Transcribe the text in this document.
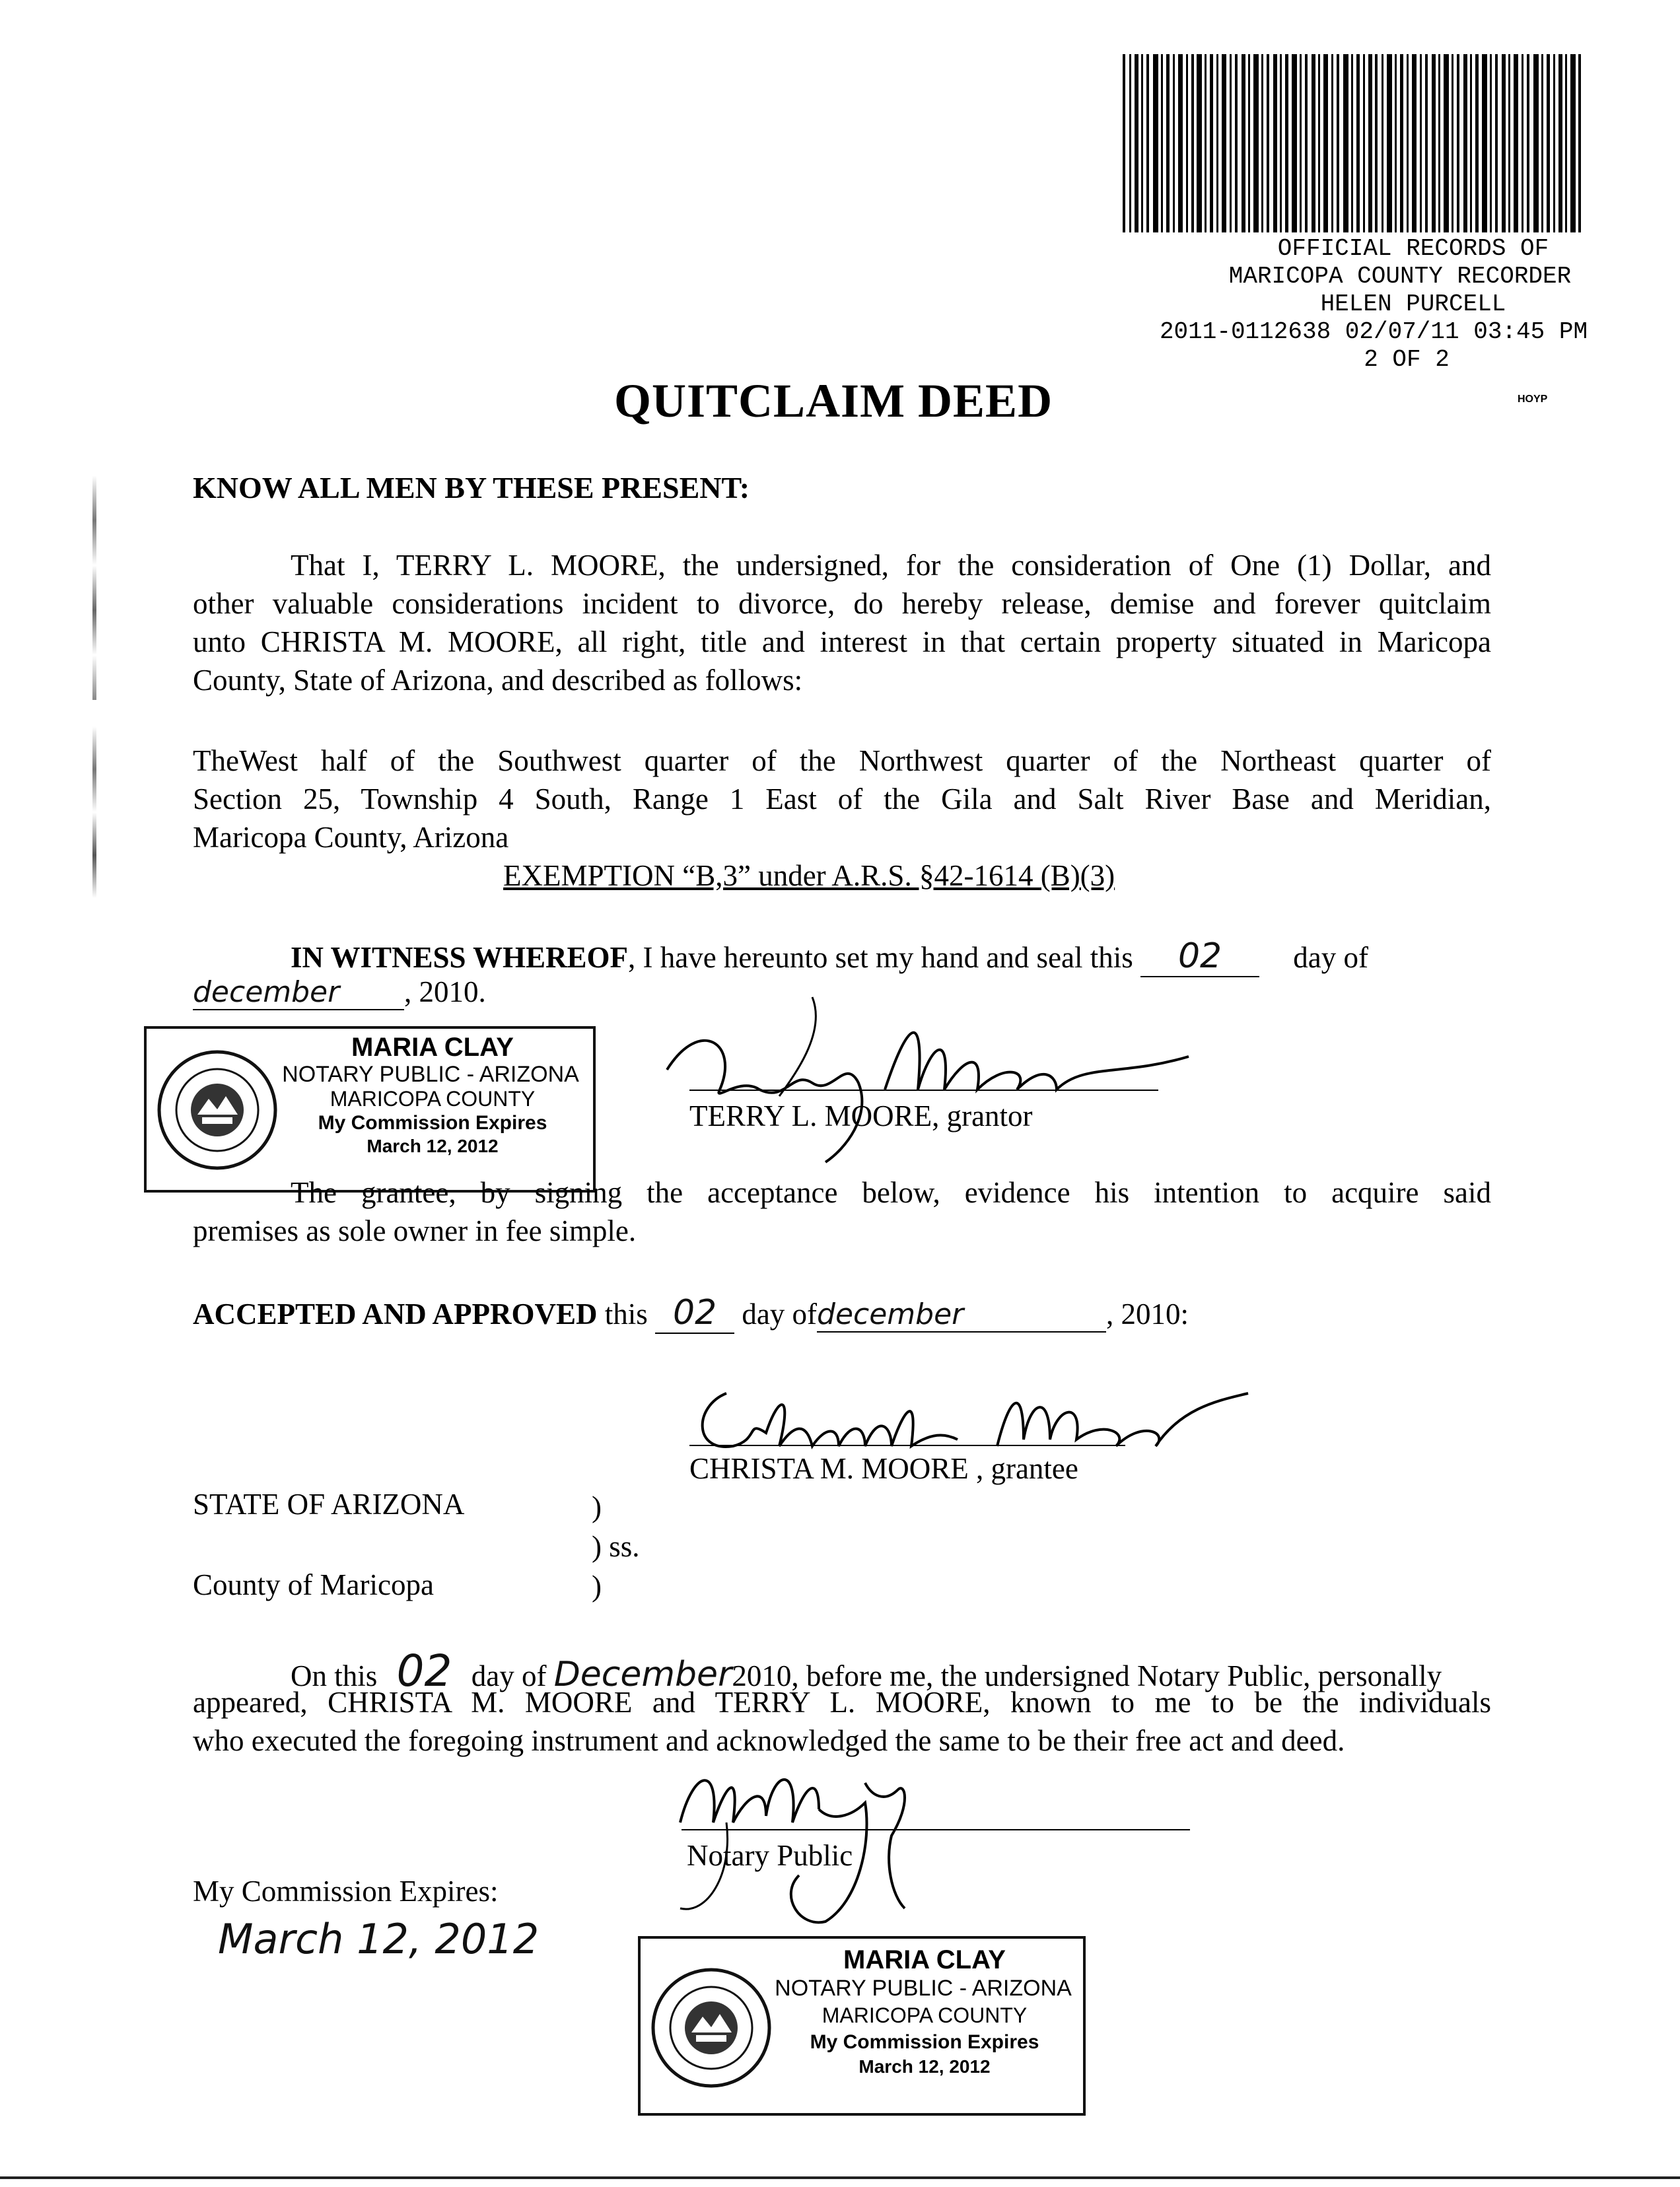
OFFICIAL RECORDS OF
MARICOPA COUNTY RECORDER
HELEN PURCELL
2011-0112638 02/07/11 03:45 PM
2 OF 2
HOYP
QUITCLAIM DEED
KNOW ALL MEN BY THESE PRESENT:
That I, TERRY L. MOORE, the undersigned, for the consideration of One (1) Dollar, and
other valuable considerations incident to divorce, do hereby release, demise and forever quitclaim
unto CHRISTA M. MOORE, all right, title and interest in that certain property situated in Maricopa
County, State of Arizona, and described as follows:
TheWest half of the Southwest quarter of the Northwest quarter of the Northeast quarter of
Section 25, Township 4 South, Range 1 East of the Gila and Salt River Base and Meridian,
Maricopa County, Arizona
EXEMPTION “B,3” under A.R.S. §42-1614 (B)(3)
IN WITNESS WHEREOF, I have hereunto set my hand and seal this 02 day of
december , 2010.
MARIA CLAY
NOTARY PUBLIC - ARIZONA
MARICOPA COUNTY
My Commission Expires
March 12, 2012
TERRY L. MOORE, grantor
The grantee, by signing the acceptance below, evidence his intention to acquire said
premises as sole owner in fee simple.
ACCEPTED AND APPROVED this 02 day ofdecember	, 2010:
CHRISTA M. MOORE , grantee
STATE OF ARIZONA	)
) ss.
County of Maricopa	)
On this 02 day of December2010, before me, the undersigned Notary Public, personally
appeared, CHRISTA M. MOORE and TERRY L. MOORE, known to me to be the individuals
who executed the foregoing instrument and acknowledged the same to be their free act and deed.
Notary Public
My Commission Expires:
March 12, 2012	MARIA CLAY
NOTARY PUBLIC - ARIZONA
MARICOPA COUNTY
My Commission Expires
March 12, 2012
